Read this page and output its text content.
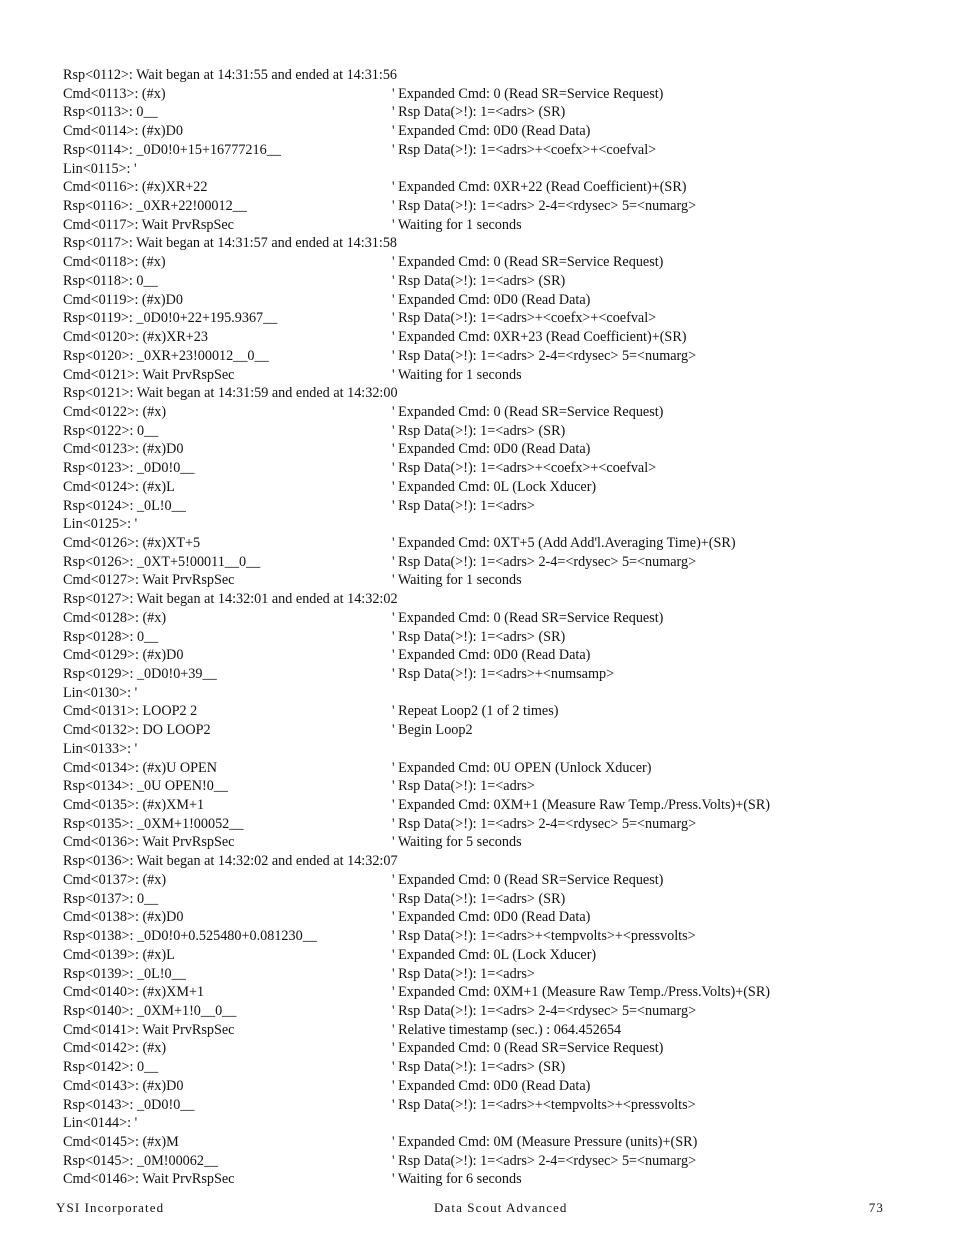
Rsp<0112>: Wait began at 14:31:55 and ended at 14:31:56
Cmd<0113>: (#x)	' Expanded Cmd: 0 (Read SR=Service Request)
Rsp<0113>: 0__	' Rsp Data(>!): 1=<adrs> (SR)
Cmd<0114>: (#x)D0	' Expanded Cmd: 0D0 (Read Data)
Rsp<0114>: _0D0!0+15+16777216__	' Rsp Data(>!): 1=<adrs>+<coefx>+<coefval>
Lin<0115>: '
Cmd<0116>: (#x)XR+22	' Expanded Cmd: 0XR+22 (Read Coefficient)+(SR)
Rsp<0116>: _0XR+22!00012__	' Rsp Data(>!): 1=<adrs> 2-4=<rdysec> 5=<numarg>
Cmd<0117>: Wait PrvRspSec	' Waiting for 1 seconds
Rsp<0117>: Wait began at 14:31:57 and ended at 14:31:58
Cmd<0118>: (#x)	' Expanded Cmd: 0 (Read SR=Service Request)
Rsp<0118>: 0__	' Rsp Data(>!): 1=<adrs> (SR)
Cmd<0119>: (#x)D0	' Expanded Cmd: 0D0 (Read Data)
Rsp<0119>: _0D0!0+22+195.9367__	' Rsp Data(>!): 1=<adrs>+<coefx>+<coefval>
Cmd<0120>: (#x)XR+23	' Expanded Cmd: 0XR+23 (Read Coefficient)+(SR)
Rsp<0120>: _0XR+23!00012__0__	' Rsp Data(>!): 1=<adrs> 2-4=<rdysec> 5=<numarg>
Cmd<0121>: Wait PrvRspSec	' Waiting for 1 seconds
Rsp<0121>: Wait began at 14:31:59 and ended at 14:32:00
Cmd<0122>: (#x)	' Expanded Cmd: 0 (Read SR=Service Request)
Rsp<0122>: 0__	' Rsp Data(>!): 1=<adrs> (SR)
Cmd<0123>: (#x)D0	' Expanded Cmd: 0D0 (Read Data)
Rsp<0123>: _0D0!0__	' Rsp Data(>!): 1=<adrs>+<coefx>+<coefval>
Cmd<0124>: (#x)L	' Expanded Cmd: 0L (Lock Xducer)
Rsp<0124>: _0L!0__	' Rsp Data(>!): 1=<adrs>
Lin<0125>: '
Cmd<0126>: (#x)XT+5	' Expanded Cmd: 0XT+5 (Add Add'l.Averaging Time)+(SR)
Rsp<0126>: _0XT+5!00011__0__	' Rsp Data(>!): 1=<adrs> 2-4=<rdysec> 5=<numarg>
Cmd<0127>: Wait PrvRspSec	' Waiting for 1 seconds
Rsp<0127>: Wait began at 14:32:01 and ended at 14:32:02
Cmd<0128>: (#x)	' Expanded Cmd: 0 (Read SR=Service Request)
Rsp<0128>: 0__	' Rsp Data(>!): 1=<adrs> (SR)
Cmd<0129>: (#x)D0	' Expanded Cmd: 0D0 (Read Data)
Rsp<0129>: _0D0!0+39__	' Rsp Data(>!): 1=<adrs>+<numsamp>
Lin<0130>: '
Cmd<0131>: LOOP2 2	' Repeat Loop2 (1 of 2 times)
Cmd<0132>: DO LOOP2	' Begin Loop2
Lin<0133>: '
Cmd<0134>: (#x)U OPEN	' Expanded Cmd: 0U OPEN (Unlock Xducer)
Rsp<0134>: _0U OPEN!0__	' Rsp Data(>!): 1=<adrs>
Cmd<0135>: (#x)XM+1	' Expanded Cmd: 0XM+1 (Measure Raw Temp./Press.Volts)+(SR)
Rsp<0135>: _0XM+1!00052__	' Rsp Data(>!): 1=<adrs> 2-4=<rdysec> 5=<numarg>
Cmd<0136>: Wait PrvRspSec	' Waiting for 5 seconds
Rsp<0136>: Wait began at 14:32:02 and ended at 14:32:07
Cmd<0137>: (#x)	' Expanded Cmd: 0 (Read SR=Service Request)
Rsp<0137>: 0__	' Rsp Data(>!): 1=<adrs> (SR)
Cmd<0138>: (#x)D0	' Expanded Cmd: 0D0 (Read Data)
Rsp<0138>: _0D0!0+0.525480+0.081230__	' Rsp Data(>!): 1=<adrs>+<tempvolts>+<pressvolts>
Cmd<0139>: (#x)L	' Expanded Cmd: 0L (Lock Xducer)
Rsp<0139>: _0L!0__	' Rsp Data(>!): 1=<adrs>
Cmd<0140>: (#x)XM+1	' Expanded Cmd: 0XM+1 (Measure Raw Temp./Press.Volts)+(SR)
Rsp<0140>: _0XM+1!0__0__	' Rsp Data(>!): 1=<adrs> 2-4=<rdysec> 5=<numarg>
Cmd<0141>: Wait PrvRspSec	' Relative timestamp (sec.) : 064.452654
Cmd<0142>: (#x)	' Expanded Cmd: 0 (Read SR=Service Request)
Rsp<0142>: 0__	' Rsp Data(>!): 1=<adrs> (SR)
Cmd<0143>: (#x)D0	' Expanded Cmd: 0D0 (Read Data)
Rsp<0143>: _0D0!0__	' Rsp Data(>!): 1=<adrs>+<tempvolts>+<pressvolts>
Lin<0144>: '
Cmd<0145>: (#x)M	' Expanded Cmd: 0M (Measure Pressure (units)+(SR)
Rsp<0145>: _0M!00062__	' Rsp Data(>!): 1=<adrs> 2-4=<rdysec> 5=<numarg>
Cmd<0146>: Wait PrvRspSec	' Waiting for 6 seconds
YSI Incorporated	Data Scout Advanced	73
